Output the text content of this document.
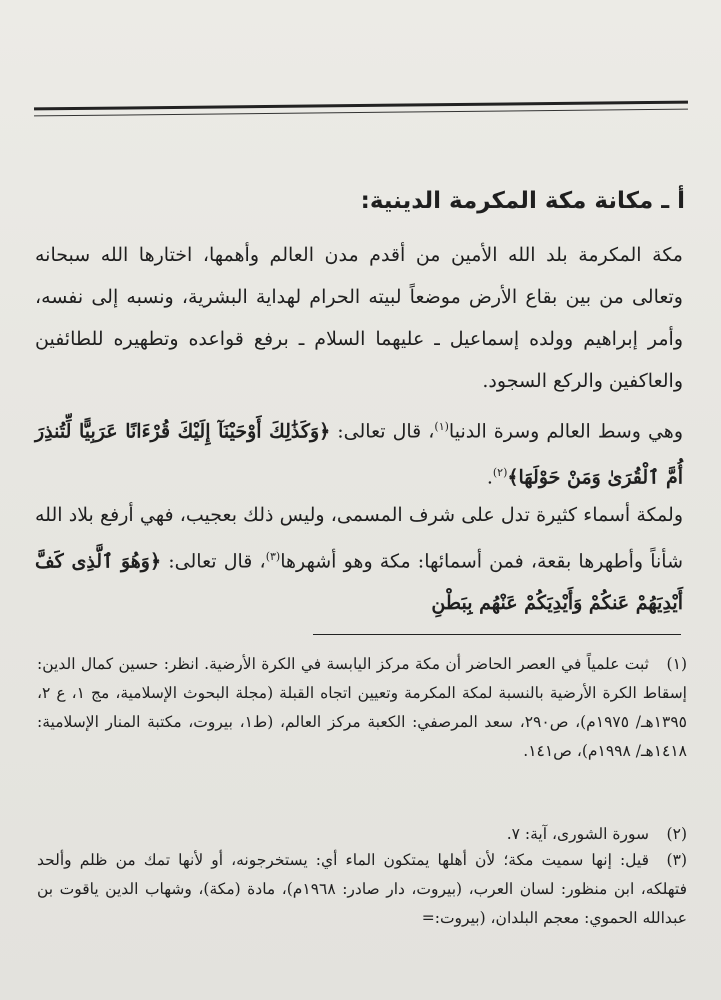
أ ـ مكانة مكة المكرمة الدينية:
مكة المكرمة بلد الله الأمين من أقدم مدن العالم وأهمها، اختارها الله سبحانه وتعالى من بين بقاع الأرض موضعاً لبيته الحرام لهداية البشرية، ونسبه إلى نفسه، وأمر إبراهيم وولده إسماعيل ـ عليهما السلام ـ برفع قواعده وتطهيره للطائفين والعاكفين والركع السجود.
وهي وسط العالم وسرة الدنيا$^{(١)}$، قال تعالى: ﴿وَكَذَٰلِكَ أَوْحَيْنَآ إِلَيْكَ قُرْءَانًا عَرَبِيًّا لِّتُنذِرَ أُمَّ ٱلْقُرَىٰ وَمَنْ حَوْلَهَا﴾$^{(٢)}$.
ولمكة أسماء كثيرة تدل على شرف المسمى، وليس ذلك بعجيب، فهي أرفع بلاد الله شأناً وأطهرها بقعة، فمن أسمائها: مكة وهو أشهرها$^{(٣)}$، قال تعالى: ﴿وَهُوَ ٱلَّذِى كَفَّ أَيْدِيَهُمْ عَنكُمْ وَأَيْدِيَكُمْ عَنْهُم بِبَطْنِ
(١)ثبت علمياً في العصر الحاضر أن مكة مركز اليابسة في الكرة الأرضية. انظر: حسين كمال الدين: إسقاط الكرة الأرضية بالنسبة لمكة المكرمة وتعيين اتجاه القبلة (مجلة البحوث الإسلامية، مج ١، ع ٢، ١٣٩٥هـ/ ١٩٧٥م)، ص٢٩٠، سعد المرصفي: الكعبة مركز العالم، (ط١، بيروت، مكتبة المنار الإسلامية: ١٤١٨هـ/ ١٩٩٨م)، ص١٤١.
(٢)سورة الشورى، آية: ٧.
(٣)قيل: إنها سميت مكة؛ لأن أهلها يمتكون الماء أي: يستخرجونه، أو لأنها تمك من ظلم وألحد فتهلكه، ابن منظور: لسان العرب، (بيروت، دار صادر: ١٩٦٨م)، مادة (مكة)، وشهاب الدين ياقوت بن عبدالله الحموي: معجم البلدان، (بيروت:=
